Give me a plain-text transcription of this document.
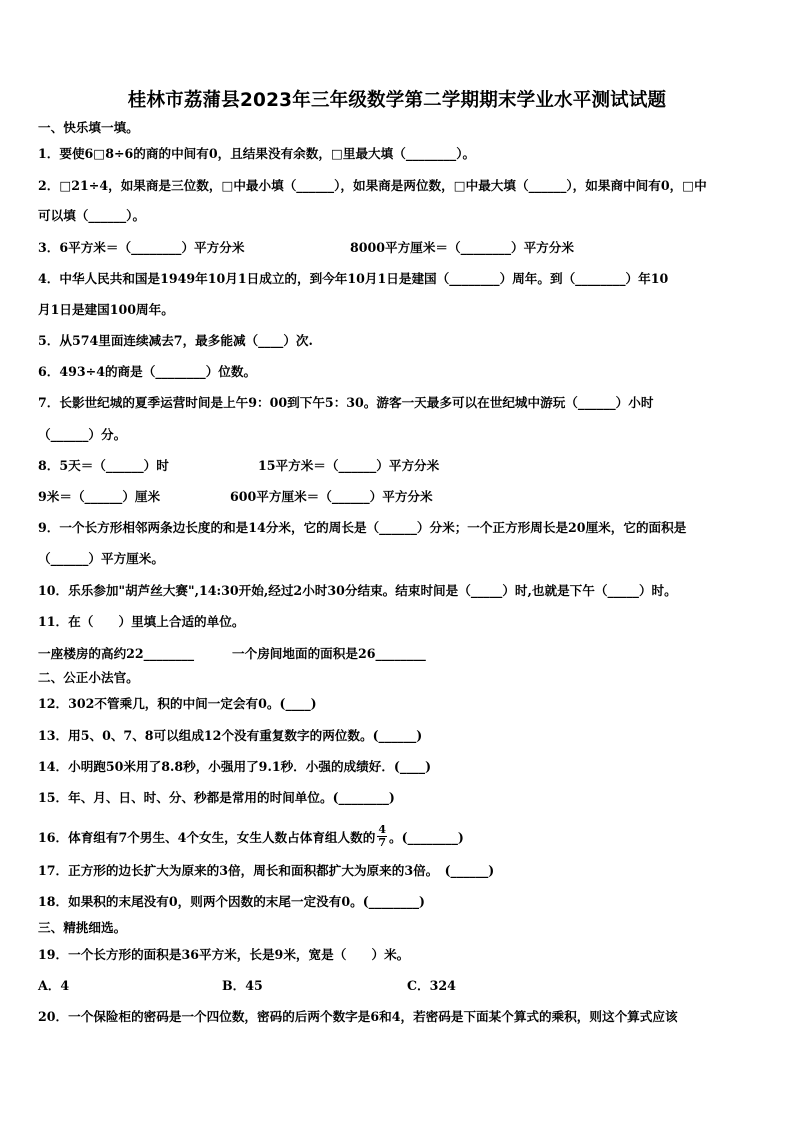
桂林市荔蒲县2023年三年级数学第二学期期末学业水平测试试题
一、快乐填一填。
1．要使6□8÷6的商的中间有0，且结果没有余数，□里最大填（________）。
2．□21÷4，如果商是三位数，□中最小填（______），如果商是两位数，□中最大填（______），如果商中间有0，□中
可以填（______）。
3．6平方米＝（________）平方分米	8000平方厘米＝（________）平方分米
4．中华人民共和国是1949年10月1日成立的，到今年10月1日是建国（________）周年。到（________）年10
月1日是建国100周年。
5．从574里面连续减去7，最多能减（____）次.
6．493÷4的商是（________）位数。
7．长影世纪城的夏季运营时间是上午9：00到下午5：30。游客一天最多可以在世纪城中游玩（______）小时
（______）分。
8．5天＝（______）时	15平方米＝（______）平方分米
9米＝（______）厘米	600平方厘米＝（______）平方分米
9．一个长方形相邻两条边长度的和是14分米，它的周长是（______）分米；一个正方形周长是20厘米，它的面积是
（______）平方厘米。
10．乐乐参加"胡芦丝大赛",14:30开始,经过2小时30分结束。结束时间是（_____）时,也就是下午（_____）时。
11．在（　　）里填上合适的单位。
一座楼房的高约22________	一个房间地面的面积是26________
二、公正小法官。
12．302不管乘几，积的中间一定会有0。(____)
13．用5、0、7、8可以组成12个没有重复数字的两位数。(______)
14．小明跑50米用了8.8秒，小强用了9.1秒．小强的成绩好．(____)
15．年、月、日、时、分、秒都是常用的时间单位。(________)
16．体育组有7个男生、4个女生，女生人数占体育组人数的 $\frac{4}{7}$ 。(________)
17．正方形的边长扩大为原来的3倍，周长和面积都扩大为原来的3倍。　(______)
18．如果积的末尾没有0，则两个因数的末尾一定没有0。(________)
三、精挑细选。
19．一个长方形的面积是36平方米，长是9米，宽是（　　）米。
A．4	B．45	C．324
20．一个保险柜的密码是一个四位数，密码的后两个数字是6和4，若密码是下面某个算式的乘积，则这个算式应该
